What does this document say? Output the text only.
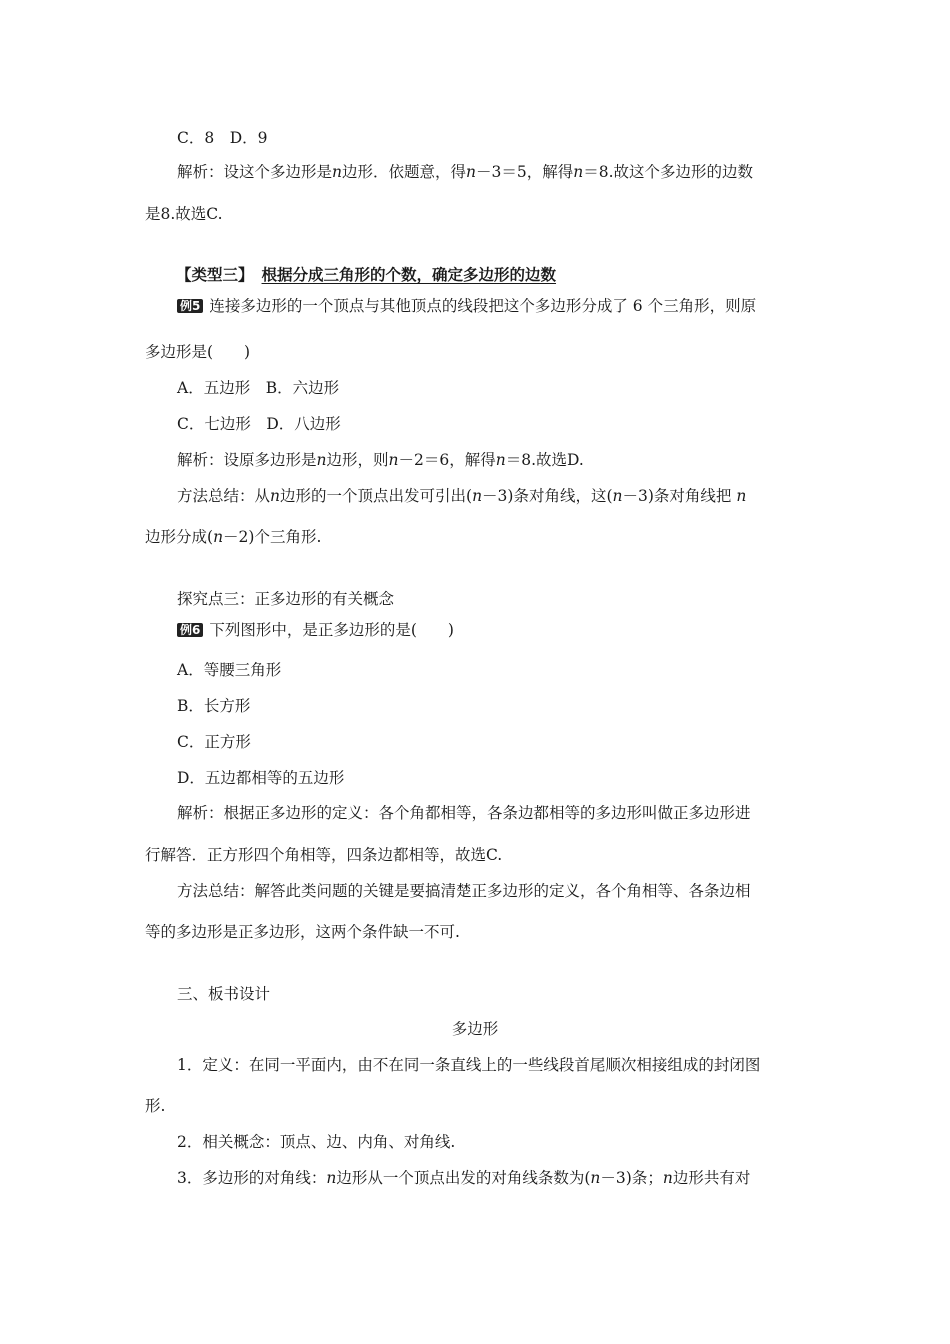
C．8　D．9
解析：设这个多边形是n边形．依题意，得n－3＝5，解得n＝8.故这个多边形的边数
是8.故选C.
【类型三】 根据分成三角形的个数，确定多边形的边数
例5 连接多边形的一个顶点与其他顶点的线段把这个多边形分成了 6 个三角形，则原
多边形是(　　)
A．五边形　B．六边形
C．七边形　D．八边形
解析：设原多边形是n边形，则n－2＝6，解得n＝8.故选D.
方法总结：从n边形的一个顶点出发可引出(n－3)条对角线，这(n－3)条对角线把 n
边形分成(n－2)个三角形.
探究点三：正多边形的有关概念
例6 下列图形中，是正多边形的是(　　)
A．等腰三角形
B．长方形
C．正方形
D．五边都相等的五边形
解析：根据正多边形的定义：各个角都相等，各条边都相等的多边形叫做正多边形进
行解答．正方形四个角相等，四条边都相等，故选C.
方法总结：解答此类问题的关键是要搞清楚正多边形的定义，各个角相等、各条边相
等的多边形是正多边形，这两个条件缺一不可.
三、板书设计
多边形
1．定义：在同一平面内，由不在同一条直线上的一些线段首尾顺次相接组成的封闭图
形.
2．相关概念：顶点、边、内角、对角线.
3．多边形的对角线：n边形从一个顶点出发的对角线条数为(n－3)条；n边形共有对
